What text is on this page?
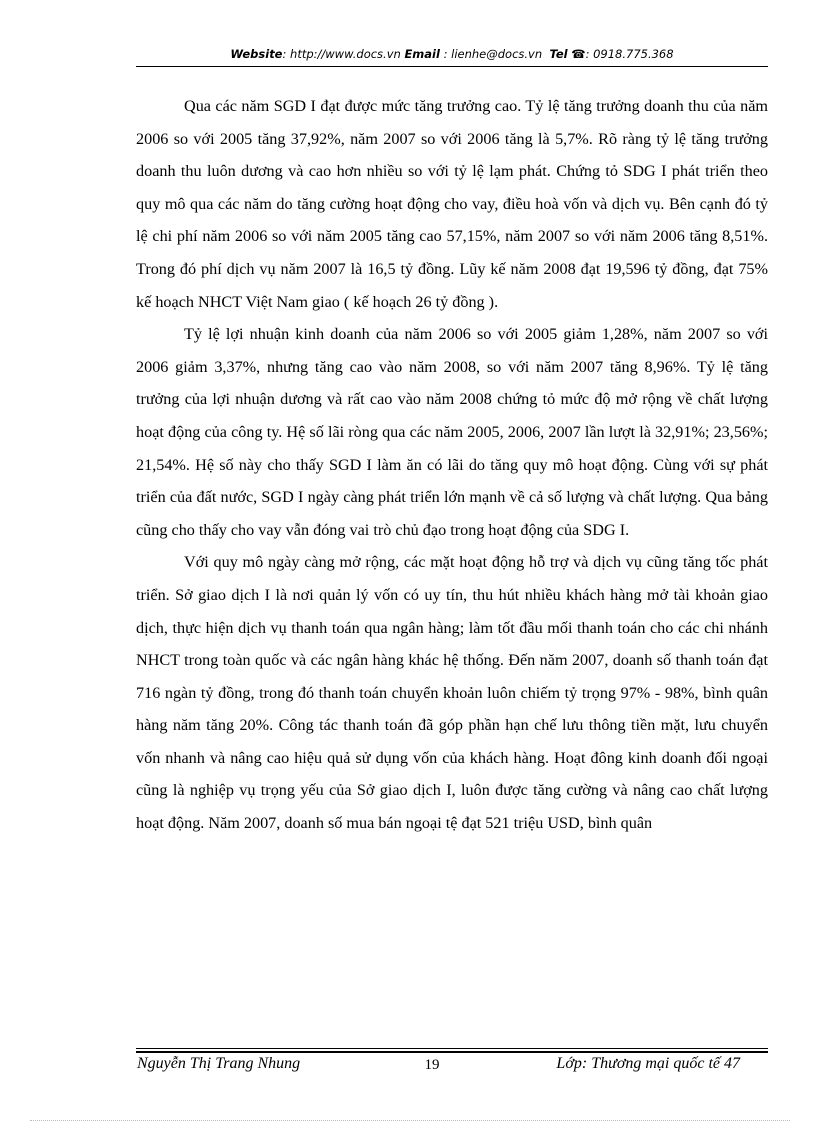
Website: http://www.docs.vn Email : lienhe@docs.vn Tel ☎: 0918.775.368

Qua các năm SGD I đạt được mức tăng trưởng cao. Tỷ lệ tăng trưởng doanh thu của năm 2006 so với 2005 tăng 37,92%, năm 2007 so với 2006 tăng là 5,7%. Rõ ràng tỷ lệ tăng trưởng doanh thu luôn dương và cao hơn nhiều so với tỷ lệ lạm phát. Chứng tỏ SDG I phát triển theo quy mô qua các năm do tăng cường hoạt động cho vay, điều hoà vốn và dịch vụ. Bên cạnh đó tỷ lệ chi phí năm 2006 so với năm 2005 tăng cao 57,15%, năm 2007 so với năm 2006 tăng 8,51%. Trong đó phí dịch vụ năm 2007 là 16,5 tỷ đồng. Lũy kế năm 2008 đạt 19,596 tỷ đồng, đạt 75% kế hoạch NHCT Việt Nam giao ( kế hoạch 26 tỷ đồng ).

Tỷ lệ lợi nhuận kinh doanh của năm 2006 so với 2005 giảm 1,28%, năm 2007 so với 2006 giảm 3,37%, nhưng tăng cao vào năm 2008, so với năm 2007 tăng 8,96%. Tỷ lệ tăng trưởng của lợi nhuận dương và rất cao vào năm 2008 chứng tỏ mức độ mở rộng về chất lượng hoạt động của công ty. Hệ số lãi ròng qua các năm 2005, 2006, 2007 lần lượt là 32,91%; 23,56%; 21,54%. Hệ số này cho thấy SGD I làm ăn có lãi do tăng quy mô hoạt động. Cùng với sự phát triển của đất nước, SGD I ngày càng phát triển lớn mạnh về cả số lượng và chất lượng. Qua bảng cũng cho thấy cho vay vẫn đóng vai trò chủ đạo trong hoạt động của SDG I.

Với quy mô ngày càng mở rộng, các mặt hoạt động hỗ trợ và dịch vụ cũng tăng tốc phát triển. Sở giao dịch I là nơi quản lý vốn có uy tín, thu hút nhiều khách hàng mở tài khoản giao dịch, thực hiện dịch vụ thanh toán qua ngân hàng; làm tốt đầu mối thanh toán cho các chi nhánh NHCT trong toàn quốc và các ngân hàng khác hệ thống. Đến năm 2007, doanh số thanh toán đạt 716 ngàn tỷ đồng, trong đó thanh toán chuyển khoản luôn chiếm tỷ trọng 97% - 98%, bình quân hàng năm tăng 20%. Công tác thanh toán đã góp phần hạn chế lưu thông tiền mặt, lưu chuyển vốn nhanh và nâng cao hiệu quả sử dụng vốn của khách hàng. Hoạt đông kinh doanh đối ngoại cũng là nghiệp vụ trọng yếu của Sở giao dịch I, luôn được tăng cường và nâng cao chất lượng hoạt động. Năm 2007, doanh số mua bán ngoại tệ đạt 521 triệu USD, bình quân

Nguyễn Thị Trang Nhung	19	Lớp: Thương mại quốc tế 47
